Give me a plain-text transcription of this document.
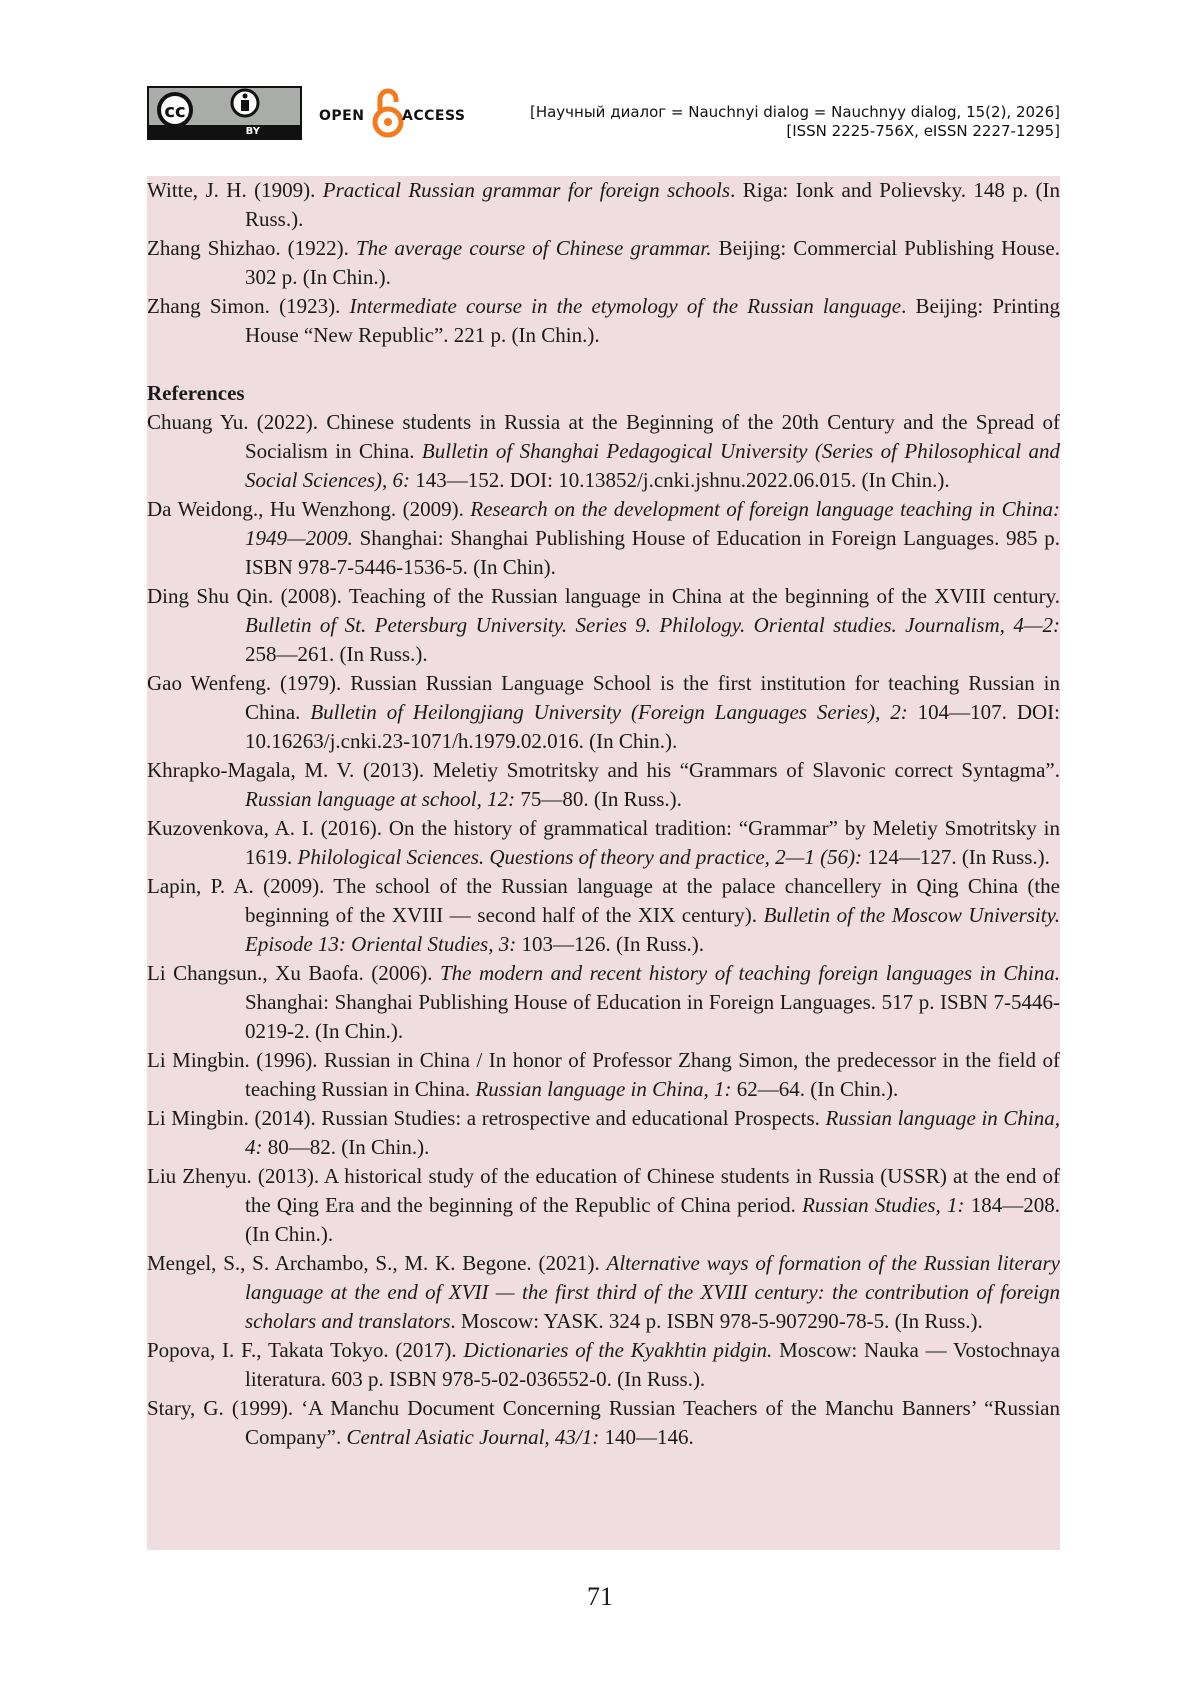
cc
BY
OPEN	ACCESS	[Научный диалог = Nauchnyi dialog = Nauchnyy dialog, 15(2), 2026]
[ISSN 2225-756X, eISSN 2227-1295]

Witte, J. H. (1909). Practical Russian grammar for foreign schools. Riga: Ionk and Polievsky. 148 p. (In Russ.).

Zhang Shizhao. (1922). The average course of Chinese grammar. Beijing: Commercial Publishing House. 302 p. (In Chin.).

Zhang Simon. (1923). Intermediate course in the etymology of the Russian language. Beijing: Printing House “New Republic”. 221 p. (In Chin.).

References

Chuang Yu. (2022). Chinese students in Russia at the Beginning of the 20th Century and the Spread of Socialism in China. Bulletin of Shanghai Pedagogical University (Series of Philosophical and Social Sciences), 6: 143—152. DOI: 10.13852/j.cnki.jshnu.2022.06.015. (In Chin.).

Da Weidong., Hu Wenzhong. (2009). Research on the development of foreign language teaching in China: 1949—2009. Shanghai: Shanghai Publishing House of Education in Foreign Languages. 985 p. ISBN 978-7-5446-1536-5. (In Chin).

Ding Shu Qin. (2008). Teaching of the Russian language in China at the beginning of the XVIII century. Bulletin of St. Petersburg University. Series 9. Philology. Oriental studies. Journalism, 4—2: 258—261. (In Russ.).

Gao Wenfeng. (1979). Russian Russian Language School is the first institution for teaching Russian in China. Bulletin of Heilongjiang University (Foreign Languages Series), 2: 104—107. DOI: 10.16263/j.cnki.23-1071/h.1979.02.016. (In Chin.).

Khrapko-Magala, M. V. (2013). Meletiy Smotritsky and his “Grammars of Slavonic correct Syntagma”. Russian language at school, 12: 75—80. (In Russ.).

Kuzovenkova, A. I. (2016). On the history of grammatical tradition: “Grammar” by Meletiy Smotritsky in 1619. Philological Sciences. Questions of theory and practice, 2—1 (56): 124—127. (In Russ.).

Lapin, P. A. (2009). The school of the Russian language at the palace chancellery in Qing China (the beginning of the XVIII — second half of the XIX century). Bulletin of the Moscow University. Episode 13: Oriental Studies, 3: 103—126. (In Russ.).

Li Changsun., Xu Baofa. (2006). The modern and recent history of teaching foreign languages in China. Shanghai: Shanghai Publishing House of Education in Foreign Languages. 517 p. ISBN 7-5446-0219-2. (In Chin.).

Li Mingbin. (1996). Russian in China / In honor of Professor Zhang Simon, the predecessor in the field of teaching Russian in China. Russian language in China, 1: 62—64. (In Chin.).

Li Mingbin. (2014). Russian Studies: a retrospective and educational Prospects. Russian language in China, 4: 80—82. (In Chin.).

Liu Zhenyu. (2013). A historical study of the education of Chinese students in Russia (USSR) at the end of the Qing Era and the beginning of the Republic of China period. Russian Studies, 1: 184—208. (In Chin.).

Mengel, S., S. Archambo, S., M. K. Begone. (2021). Alternative ways of formation of the Russian literary language at the end of XVII — the first third of the XVIII century: the contribution of foreign scholars and translators. Moscow: YASK. 324 p. ISBN 978-5-907290-78-5. (In Russ.).

Popova, I. F., Takata Tokyo. (2017). Dictionaries of the Kyakhtin pidgin. Moscow: Nauka — Vostochnaya literatura. 603 p. ISBN 978-5-02-036552-0. (In Russ.).

Stary, G. (1999). ‘A Manchu Document Concerning Russian Teachers of the Manchu Banners’ “Russian Company”. Central Asiatic Journal, 43/1: 140—146.

71
